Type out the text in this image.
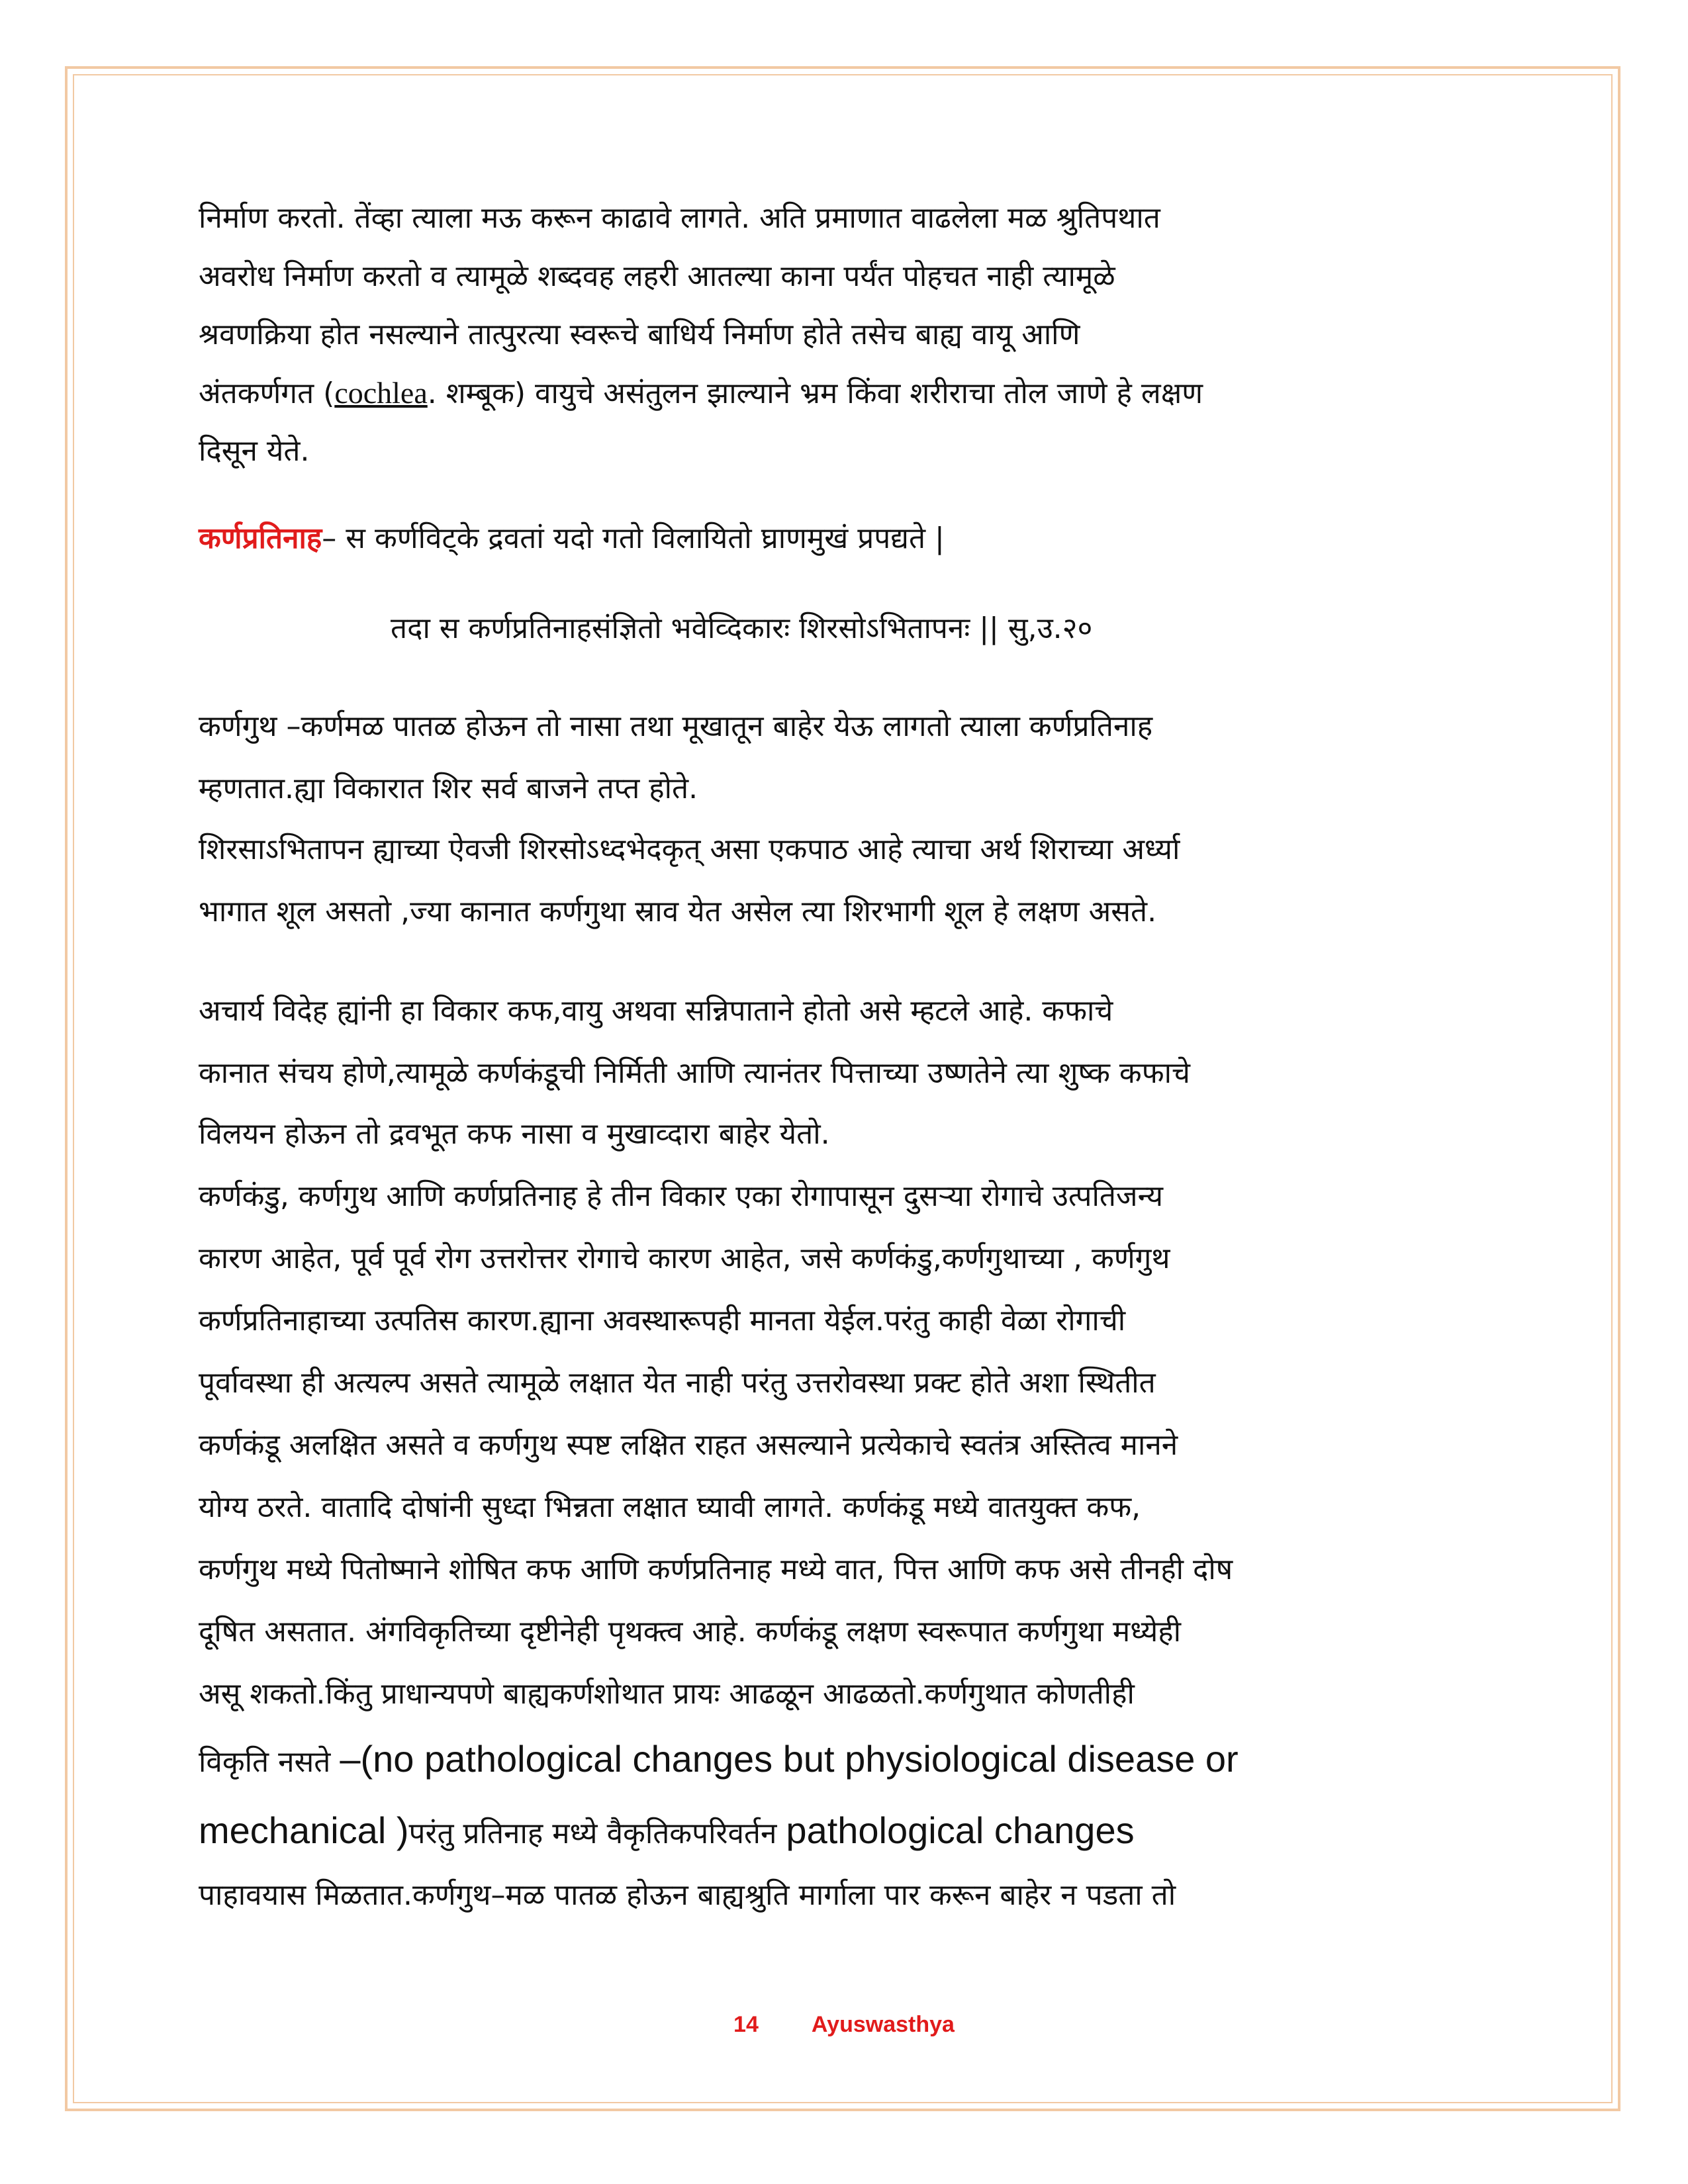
निर्माण करतो. तेंव्हा त्याला मऊ करून काढावे लागते. अति प्रमाणात वाढलेला मळ श्रुतिपथात

अवरोध निर्माण करतो व त्यामूळे शब्दवह लहरी आतल्या काना पर्यंत पोहचत नाही त्यामूळे

श्रवणक्रिया होत नसल्याने तात्पुरत्या स्वरूचे बाधिर्य निर्माण होते तसेच बाह्य वायू आणि

अंतकर्णगत (cochlea. शम्बूक) वायुचे असंतुलन झाल्याने भ्रम किंवा शरीराचा तोल जाणे हे लक्षण

दिसून येते.

कर्णप्रतिनाह– स कर्णविट्के द्रवतां यदो गतो विलायितो घ्राणमुखं प्रपद्यते |

तदा स कर्णप्रतिनाहसंज्ञितो भवेव्दिकारः शिरसोऽभितापनः || सु,उ.२०

कर्णगुथ –कर्णमळ पातळ होऊन तो नासा तथा मूखातून बाहेर येऊ लागतो त्याला कर्णप्रतिनाह

म्हणतात.ह्या विकारात शिर सर्व बाजने तप्त होते.

शिरसाऽभितापन ह्याच्या ऐवजी शिरसोऽध्दभेदकृत् असा एकपाठ आहे त्याचा अर्थ शिराच्या अर्ध्या

भागात शूल असतो ,ज्या कानात कर्णगुथा स्राव येत असेल त्या शिरभागी शूल हे लक्षण असते.

अचार्य विदेह ह्यांनी हा विकार कफ,वायु अथवा सन्निपाताने होतो असे म्हटले आहे. कफाचे

कानात संचय होणे,त्यामूळे कर्णकंडूची निर्मिती आणि त्यानंतर पित्ताच्या उष्णतेने त्या शुष्क कफाचे

विलयन होऊन तो द्रवभूत कफ नासा व मुखाव्दारा बाहेर येतो.

कर्णकंडु, कर्णगुथ आणि कर्णप्रतिनाह हे तीन विकार एका रोगापासून दुसऱ्या रोगाचे उत्पतिजन्य

कारण आहेत, पूर्व पूर्व रोग उत्तरोत्तर रोगाचे कारण आहेत, जसे कर्णकंडु,कर्णगुथाच्या , कर्णगुथ

कर्णप्रतिनाहाच्या उत्पतिस कारण.ह्याना अवस्थारूपही मानता येईल.परंतु काही वेळा रोगाची

पूर्वावस्था ही अत्यल्प असते त्यामूळे लक्षात येत नाही परंतु उत्तरोवस्था प्रक्ट होते अशा स्थितीत

कर्णकंडू अलक्षित असते व कर्णगुथ स्पष्ट लक्षित राहत असल्याने प्रत्येकाचे स्वतंत्र अस्तित्व मानने

योग्य ठरते. वातादि दोषांनी सुध्दा भिन्नता लक्षात घ्यावी लागते. कर्णकंडू मध्ये वातयुक्त कफ,

कर्णगुथ मध्ये पितोष्माने शोषित कफ आणि कर्णप्रतिनाह मध्ये वात, पित्त आणि कफ असे तीनही दोष

दूषित असतात. अंगविकृतिच्या दृष्टीनेही पृथक्त्व आहे. कर्णकंडू लक्षण स्वरूपात कर्णगुथा मध्येही

असू शकतो.किंतु प्राधान्यपणे बाह्यकर्णशोथात प्रायः आढळून आढळतो.कर्णगुथात कोणतीही

विकृति नसते –(no pathological changes but physiological disease or

mechanical )परंतु प्रतिनाह मध्ये वैकृतिकपरिवर्तन pathological changes

पाहावयास मिळतात.कर्णगुथ–मळ पातळ होऊन बाह्यश्रुति मार्गाला पार करून बाहेर न पडता तो

14 Ayuswasthya
